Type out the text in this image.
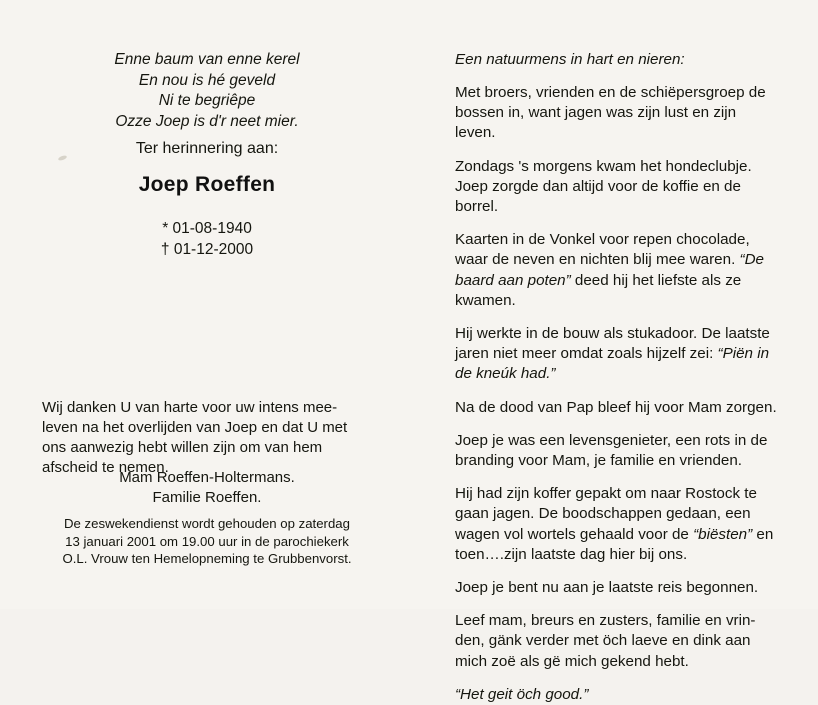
Enne baum van enne kerel
En nou is hé geveld
Ni te begriêpe
Ozze Joep is d'r neet mier.
Ter herinnering aan:
Joep Roeffen
* 01-08-1940
† 01-12-2000
Wij danken U van harte voor uw intens mee-leven na het overlijden van Joep en dat U met ons aanwezig hebt willen zijn om van hem afscheid te nemen.
Mam Roeffen-Holtermans.
Familie Roeffen.
De zeswekendienst wordt gehouden op zaterdag
13 januari 2001 om 19.00 uur in de parochiekerk
O.L. Vrouw ten Hemelopneming te Grubbenvorst.

Een natuurmens in hart en nieren:

Met broers, vrienden en de schiëpersgroep de bossen in, want jagen was zijn lust en zijn leven.

Zondags 's morgens kwam het hondeclubje. Joep zorgde dan altijd voor de koffie en de borrel.

Kaarten in de Vonkel voor repen chocolade, waar de neven en nichten blij mee waren. “De baard aan poten” deed hij het liefste als ze kwamen.

Hij werkte in de bouw als stukadoor. De laatste jaren niet meer omdat zoals hijzelf zei: “Piën in de kneúk had.”

Na de dood van Pap bleef hij voor Mam zorgen.

Joep je was een levensgenieter, een rots in de branding voor Mam, je familie en vrienden.

Hij had zijn koffer gepakt om naar Rostock te gaan jagen. De boodschappen gedaan, een wagen vol wortels gehaald voor de “biësten” en toen….zijn laatste dag hier bij ons.

Joep je bent nu aan je laatste reis begonnen.

Leef mam, breurs en zusters, familie en vrin-den, gänk verder met öch laeve en dink aan mich zoë als gë mich gekend hebt.

“Het geit öch good.”
